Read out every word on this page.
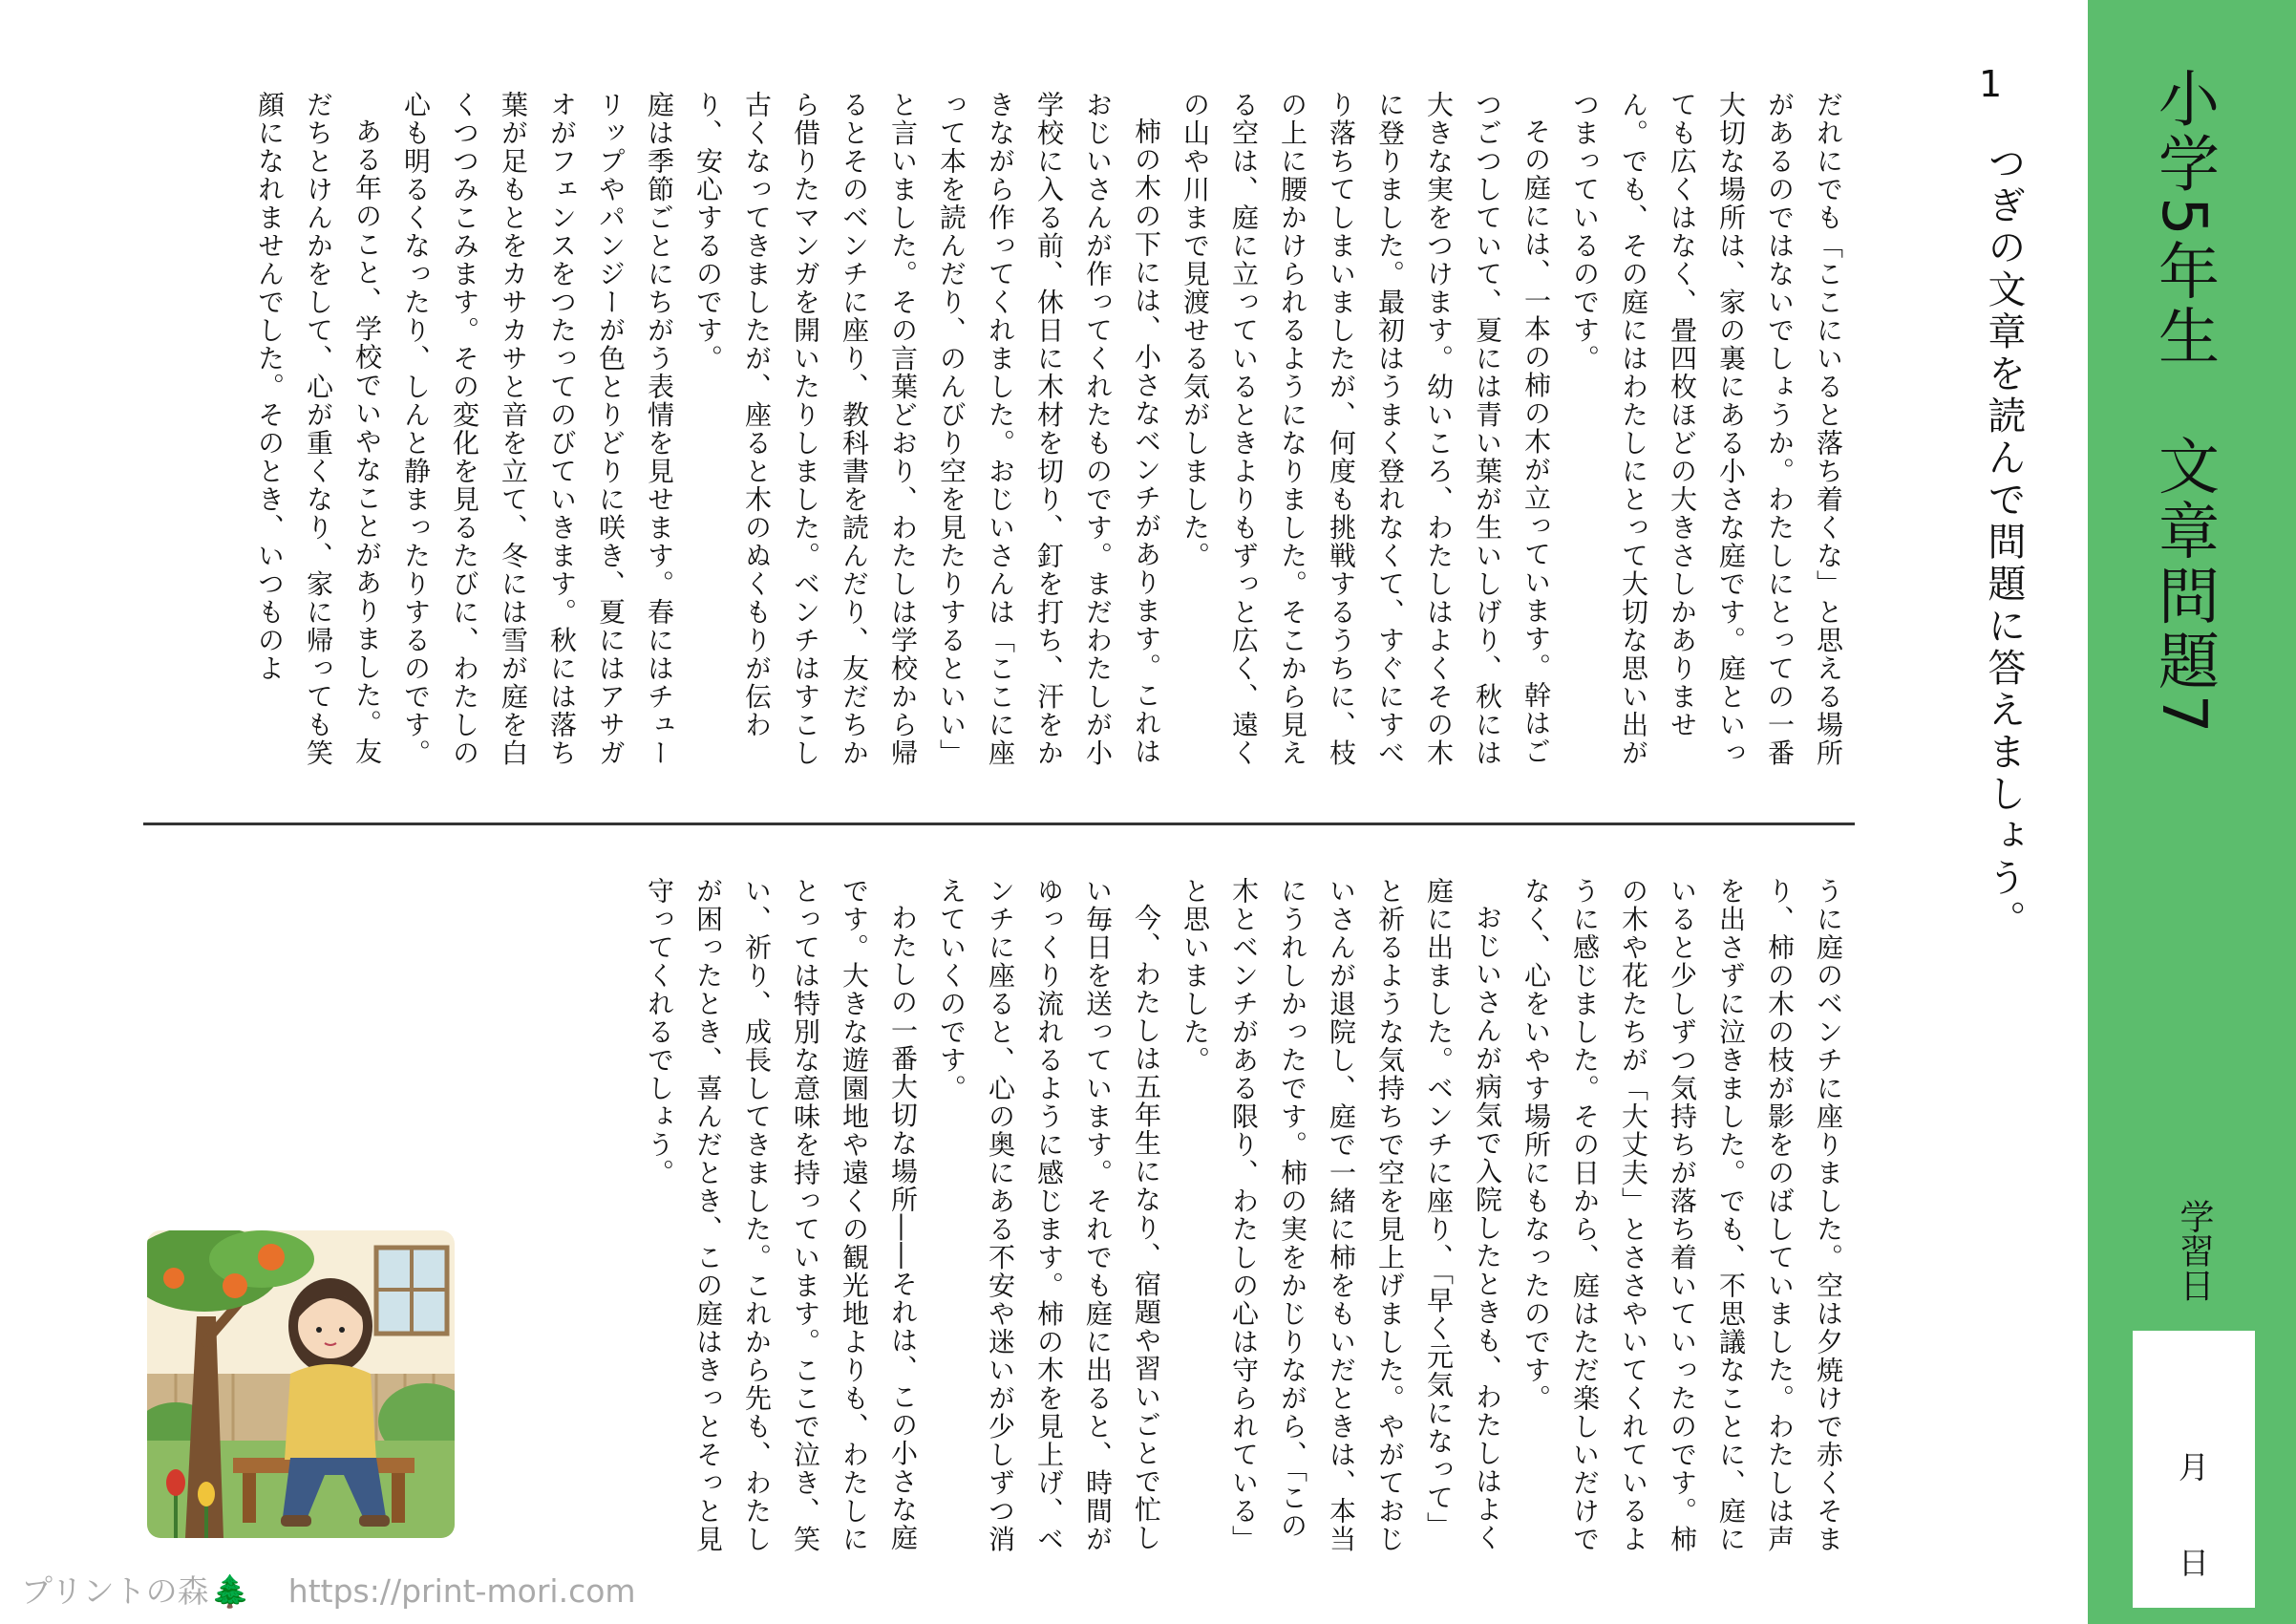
小学5年生　文章問題7
学習日
月
日
1
つぎの文章を読んで問題に答えましょう。

だれにでも「ここにいると落ち着くな」と思える場所があるのではないでしょうか。わたしにとっての一番大切な場所は、家の裏にある小さな庭です。庭といっても広くはなく、畳四枚ほどの大きさしかありません。でも、その庭にはわたしにとって大切な思い出がつまっているのです。

その庭には、一本の柿の木が立っています。幹はごつごつしていて、夏には青い葉が生いしげり、秋には大きな実をつけます。幼いころ、わたしはよくその木に登りました。最初はうまく登れなくて、すぐにすべり落ちてしまいましたが、何度も挑戦するうちに、枝の上に腰かけられるようになりました。そこから見える空は、庭に立っているときよりもずっと広く、遠くの山や川まで見渡せる気がしました。

柿の木の下には、小さなベンチがあります。これはおじいさんが作ってくれたものです。まだわたしが小学校に入る前、休日に木材を切り、釘を打ち、汗をかきながら作ってくれました。おじいさんは「ここに座って本を読んだり、のんびり空を見たりするといい」と言いました。その言葉どおり、わたしは学校から帰るとそのベンチに座り、教科書を読んだり、友だちから借りたマンガを開いたりしました。ベンチはすこし古くなってきましたが、座ると木のぬくもりが伝わり、安心するのです。

庭は季節ごとにちがう表情を見せます。春にはチューリップやパンジーが色とりどりに咲き、夏にはアサガオがフェンスをつたってのびていきます。秋には落ち葉が足もとをカサカサと音を立て、冬には雪が庭を白くつつみこみます。その変化を見るたびに、わたしの心も明るくなったり、しんと静まったりするのです。

ある年のこと、学校でいやなことがありました。友だちとけんかをして、心が重くなり、家に帰っても笑顔になれませんでした。そのとき、いつものよ

うに庭のベンチに座りました。空は夕焼けで赤くそまり、柿の木の枝が影をのばしていました。わたしは声を出さずに泣きました。でも、不思議なことに、庭にいると少しずつ気持ちが落ち着いていったのです。柿の木や花たちが「大丈夫」とささやいてくれているように感じました。その日から、庭はただ楽しいだけでなく、心をいやす場所にもなったのです。

おじいさんが病気で入院したときも、わたしはよく庭に出ました。ベンチに座り、「早く元気になって」と祈るような気持ちで空を見上げました。やがておじいさんが退院し、庭で一緒に柿をもいだときは、本当にうれしかったです。柿の実をかじりながら、「この木とベンチがある限り、わたしの心は守られている」と思いました。

今、わたしは五年生になり、宿題や習いごとで忙しい毎日を送っています。それでも庭に出ると、時間がゆっくり流れるように感じます。柿の木を見上げ、ベンチに座ると、心の奥にある不安や迷いが少しずつ消えていくのです。

わたしの一番大切な場所――それは、この小さな庭です。大きな遊園地や遠くの観光地よりも、わたしにとっては特別な意味を持っています。ここで泣き、笑い、祈り、成長してきました。これから先も、わたしが困ったとき、喜んだとき、この庭はきっとそっと見守ってくれるでしょう。

プリントの森🌲 https://print-mori.com
